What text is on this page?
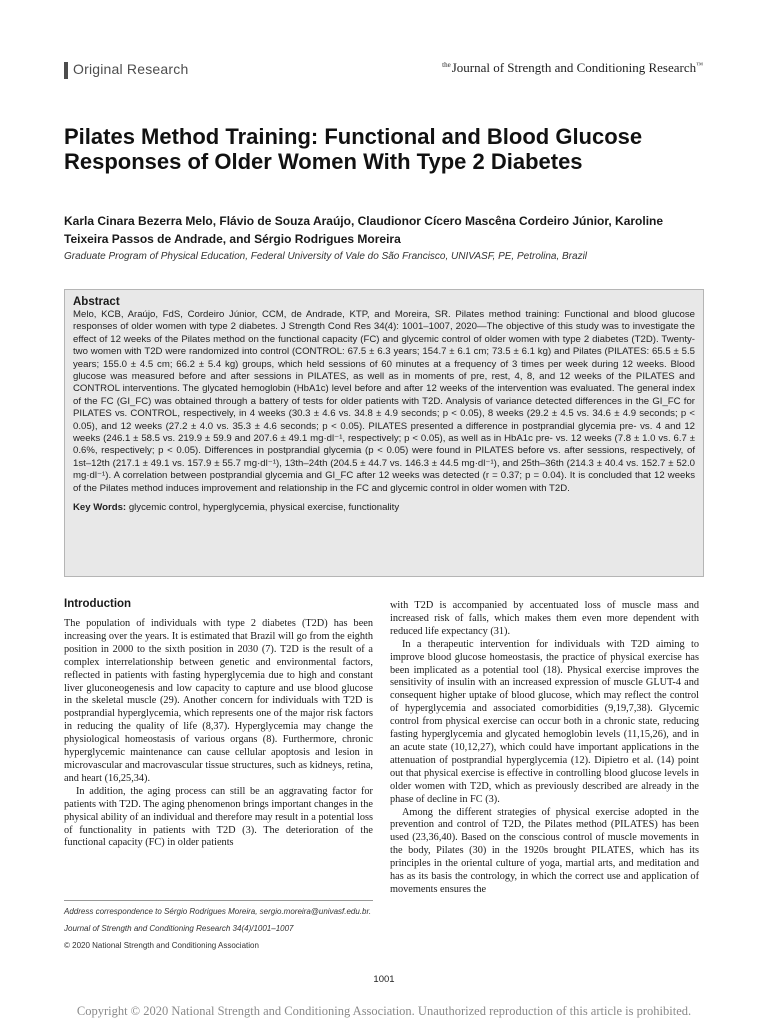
Original Research	$^{the}$Journal of Strength and Conditioning Research™
Pilates Method Training: Functional and Blood Glucose Responses of Older Women With Type 2 Diabetes

Karla Cinara Bezerra Melo, Flávio de Souza Araújo, Claudionor Cícero Mascêna Cordeiro Júnior, Karoline Teixeira Passos de Andrade, and Sérgio Rodrigues Moreira

Graduate Program of Physical Education, Federal University of Vale do São Francisco, UNIVASF, PE, Petrolina, Brazil

Abstract

Melo, KCB, Araújo, FdS, Cordeiro Júnior, CCM, de Andrade, KTP, and Moreira, SR. Pilates method training: Functional and blood glucose responses of older women with type 2 diabetes. J Strength Cond Res 34(4): 1001–1007, 2020—The objective of this study was to investigate the effect of 12 weeks of the Pilates method on the functional capacity (FC) and glycemic control of older women with type 2 diabetes (T2D). Twenty-two women with T2D were randomized into control (CONTROL: 67.5 ± 6.3 years; 154.7 ± 6.1 cm; 73.5 ± 6.1 kg) and Pilates (PILATES: 65.5 ± 5.5 years; 155.0 ± 4.5 cm; 66.2 ± 5.4 kg) groups, which held sessions of 60 minutes at a frequency of 3 times per week during 12 weeks. Blood glucose was measured before and after sessions in PILATES, as well as in moments of pre, rest, 4, 8, and 12 weeks of the PILATES and CONTROL interventions. The glycated hemoglobin (HbA1c) level before and after 12 weeks of the intervention was evaluated. The general index of the FC (GI_FC) was obtained through a battery of tests for older patients with T2D. Analysis of variance detected differences in the GI_FC for PILATES vs. CONTROL, respectively, in 4 weeks (30.3 ± 4.6 vs. 34.8 ± 4.9 seconds; p < 0.05), 8 weeks (29.2 ± 4.5 vs. 34.6 ± 4.9 seconds; p < 0.05), and 12 weeks (27.2 ± 4.0 vs. 35.3 ± 4.6 seconds; p < 0.05). PILATES presented a difference in postprandial glycemia pre- vs. 4 and 12 weeks (246.1 ± 58.5 vs. 219.9 ± 59.9 and 207.6 ± 49.1 mg·dl⁻¹, respectively; p < 0.05), as well as in HbA1c pre- vs. 12 weeks (7.8 ± 1.0 vs. 6.7 ± 0.6%, respectively; p < 0.05). Differences in postprandial glycemia (p < 0.05) were found in PILATES before vs. after sessions, respectively, of 1st–12th (217.1 ± 49.1 vs. 157.9 ± 55.7 mg·dl⁻¹), 13th–24th (204.5 ± 44.7 vs. 146.3 ± 44.5 mg·dl⁻¹), and 25th–36th (214.3 ± 40.4 vs. 152.7 ± 52.0 mg·dl⁻¹). A correlation between postprandial glycemia and GI_FC after 12 weeks was detected (r = 0.37; p = 0.04). It is concluded that 12 weeks of the Pilates method induces improvement and relationship in the FC and glycemic control in older women with T2D.

Key Words: glycemic control, hyperglycemia, physical exercise, functionality

Introduction

The population of individuals with type 2 diabetes (T2D) has been increasing over the years. It is estimated that Brazil will go from the eighth position in 2000 to the sixth position in 2030 (7). T2D is the result of a complex interrelationship between genetic and environmental factors, reflected in patients with fasting hyperglycemia due to high and constant liver gluconeogenesis and low capacity to capture and use blood glucose in the skeletal muscle (29). Another concern for individuals with T2D is postprandial hyperglycemia, which represents one of the major risk factors in reducing the quality of life (8,37). Hyperglycemia may change the physiological homeostasis of various organs (8). Furthermore, chronic hyperglycemic maintenance can cause cellular apoptosis and lesion in microvascular and macrovascular tissue structures, such as kidneys, retina, and heart (16,25,34).

In addition, the aging process can still be an aggravating factor for patients with T2D. The aging phenomenon brings important changes in the physical ability of an individual and therefore may result in a potential loss of functionality in patients with T2D (3). The deterioration of the functional capacity (FC) in older patients

with T2D is accompanied by accentuated loss of muscle mass and increased risk of falls, which makes them even more dependent with reduced life expectancy (31).

In a therapeutic intervention for individuals with T2D aiming to improve blood glucose homeostasis, the practice of physical exercise has been implicated as a potential tool (18). Physical exercise improves the sensitivity of insulin with an increased expression of muscle GLUT-4 and consequent higher uptake of blood glucose, which may reflect the control of hyperglycemia and associated comorbidities (9,19,7,38). Glycemic control from physical exercise can occur both in a chronic state, reducing fasting hyperglycemia and glycated hemoglobin levels (11,15,26), and in an acute state (10,12,27), which could have important applications in the attenuation of postprandial hyperglycemia (12). Dipietro et al. (14) point out that physical exercise is effective in controlling blood glucose levels in older women with T2D, which as previously described are already in the phase of decline in FC (3).

Among the different strategies of physical exercise adopted in the prevention and control of T2D, the Pilates method (PILATES) has been used (23,36,40). Based on the conscious control of muscle movements in the body, Pilates (30) in the 1920s brought PILATES, which has its principles in the oriental culture of yoga, martial arts, and meditation and has as its basis the contrology, in which the correct use and application of movements ensures the

Address correspondence to Sérgio Rodrigues Moreira, sergio.moreira@univasf.edu.br.

Journal of Strength and Conditioning Research 34(4)/1001–1007

© 2020 National Strength and Conditioning Association

1001
Copyright © 2020 National Strength and Conditioning Association. Unauthorized reproduction of this article is prohibited.
